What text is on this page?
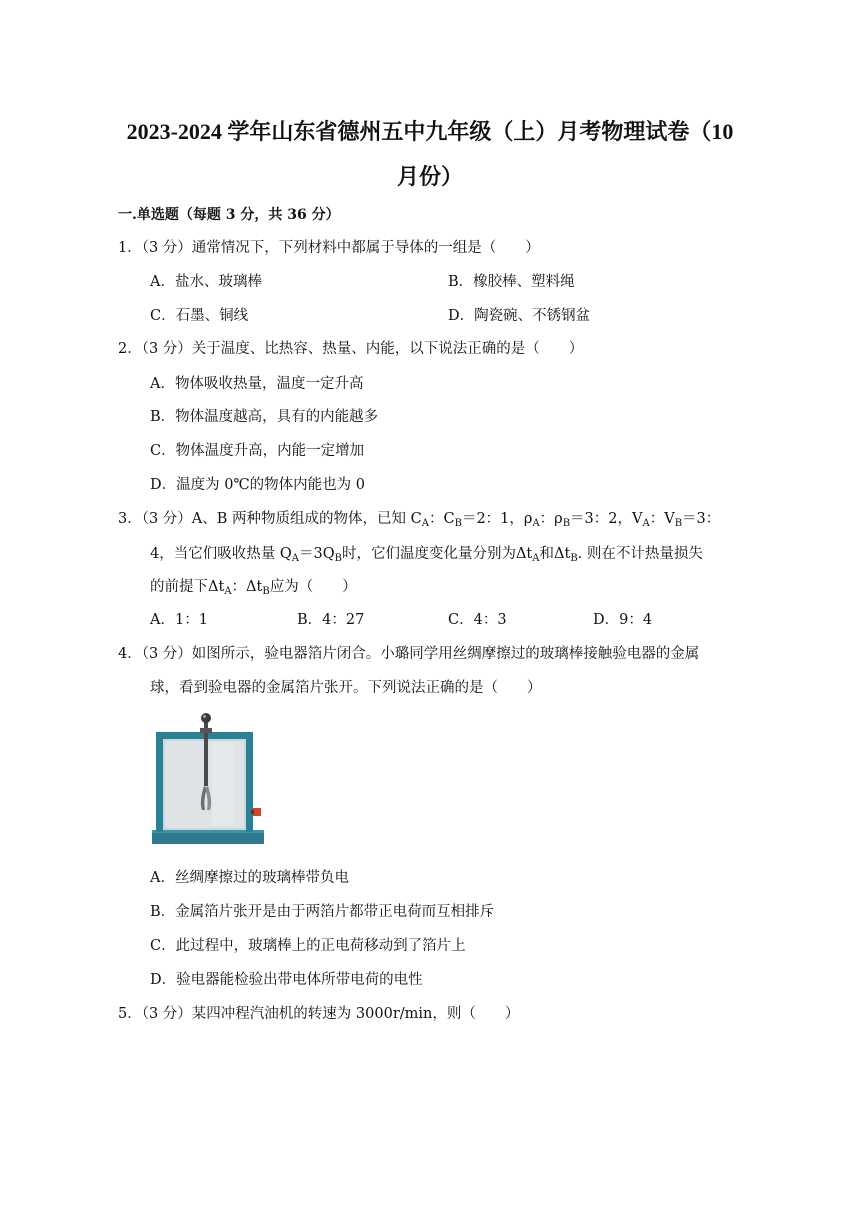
2023-2024 学年山东省德州五中九年级（上）月考物理试卷（10
月份）
一.单选题（每题 3 分，共 36 分）
1．（3 分）通常情况下，下列材料中都属于导体的一组是（　　）
A．盐水、玻璃棒	B．橡胶棒、塑料绳
C．石墨、铜线	D．陶瓷碗、不锈钢盆
2．（3 分）关于温度、比热容、热量、内能，以下说法正确的是（　　）
A．物体吸收热量，温度一定升高
B．物体温度越高，具有的内能越多
C．物体温度升高，内能一定增加
D．温度为 0℃的物体内能也为 0
3．（3 分）A、B 两种物质组成的物体，已知 $C_A$：$C_B=2$：1，$\rho_A$：$\rho_B=3$：2，$V_A$：$V_B=3$：
4，当它们吸收热量 $Q_A=3Q_B$时，它们温度变化量分别为$\Delta t_A$和$\Delta t_B$. 则在不计热量损失
的前提下$\Delta t_A$：$\Delta t_B$应为（　　）
A．1：1	B．4：27	C．4：3	D．9：4
4．（3 分）如图所示，验电器箔片闭合。小璐同学用丝绸摩擦过的玻璃棒接触验电器的金属
球，看到验电器的金属箔片张开。下列说法正确的是（　　）
A．丝绸摩擦过的玻璃棒带负电
B．金属箔片张开是由于两箔片都带正电荷而互相排斥
C．此过程中，玻璃棒上的正电荷移动到了箔片上
D．验电器能检验出带电体所带电荷的电性
5．（3 分）某四冲程汽油机的转速为 3000r/min，则（　　）
